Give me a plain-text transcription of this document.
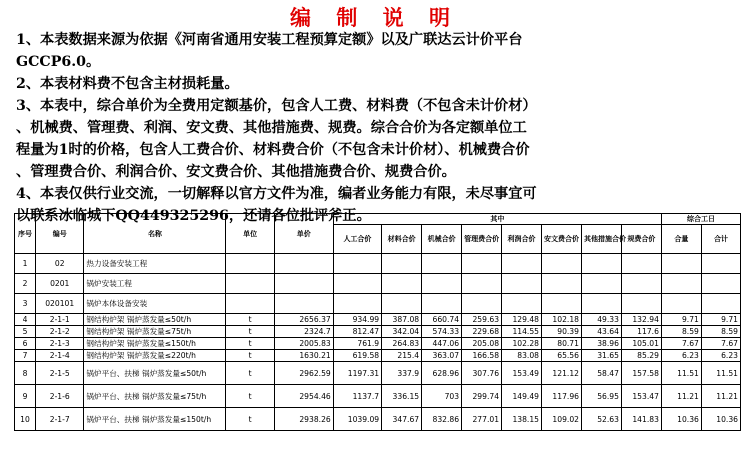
编 制 说 明
1、本表数据来源为依据《河南省通用安装工程预算定额》以及广联达云计价平台
GCCP6.0。
2、本表材料费不包含主材损耗量。
3、本表中，综合单价为全费用定额基价，包含人工费、材料费（不包含未计价材）
、机械费、管理费、利润、安文费、其他措施费、规费。综合合价为各定额单位工
程量为1时的价格，包含人工费合价、材料费合价（不包含未计价材）、机械费合价
、管理费合价、利润合价、安文费合价、其他措施费合价、规费合价。
4、本表仅供行业交流，一切解释以官方文件为准，编者业务能力有限，未尽事宜可
以联系冰临城下QQ449325296，还请各位批评斧正。
序号	编号	名称	单位	单价	其中								综合工日	
					人工合价	材料合价	机械合价	管理费合价	利润合价	安文费合价	其他措施合价	规费合价	合量	合计
1	02	热力设备安装工程												
2	0201	锅炉安装工程												
3	020101	锅炉本体设备安装												
4	2-1-1	钢结构炉架 锅炉蒸发量≤50t/h	t	2656.37	934.99	387.08	660.74	259.63	129.48	102.18	49.33	132.94	9.71	9.71
5	2-1-2	钢结构炉架 锅炉蒸发量≤75t/h	t	2324.7	812.47	342.04	574.33	229.68	114.55	90.39	43.64	117.6	8.59	8.59
6	2-1-3	钢结构炉架 锅炉蒸发量≤150t/h	t	2005.83	761.9	264.83	447.06	205.08	102.28	80.71	38.96	105.01	7.67	7.67
7	2-1-4	钢结构炉架 锅炉蒸发量≤220t/h	t	1630.21	619.58	215.4	363.07	166.58	83.08	65.56	31.65	85.29	6.23	6.23
8	2-1-5	锅炉平台、扶梯 锅炉蒸发量≤50t/h	t	2962.59	1197.31	337.9	628.96	307.76	153.49	121.12	58.47	157.58	11.51	11.51
9	2-1-6	锅炉平台、扶梯 锅炉蒸发量≤75t/h	t	2954.46	1137.7	336.15	703	299.74	149.49	117.96	56.95	153.47	11.21	11.21
10	2-1-7	锅炉平台、扶梯 锅炉蒸发量≤150t/h	t	2938.26	1039.09	347.67	832.86	277.01	138.15	109.02	52.63	141.83	10.36	10.36
